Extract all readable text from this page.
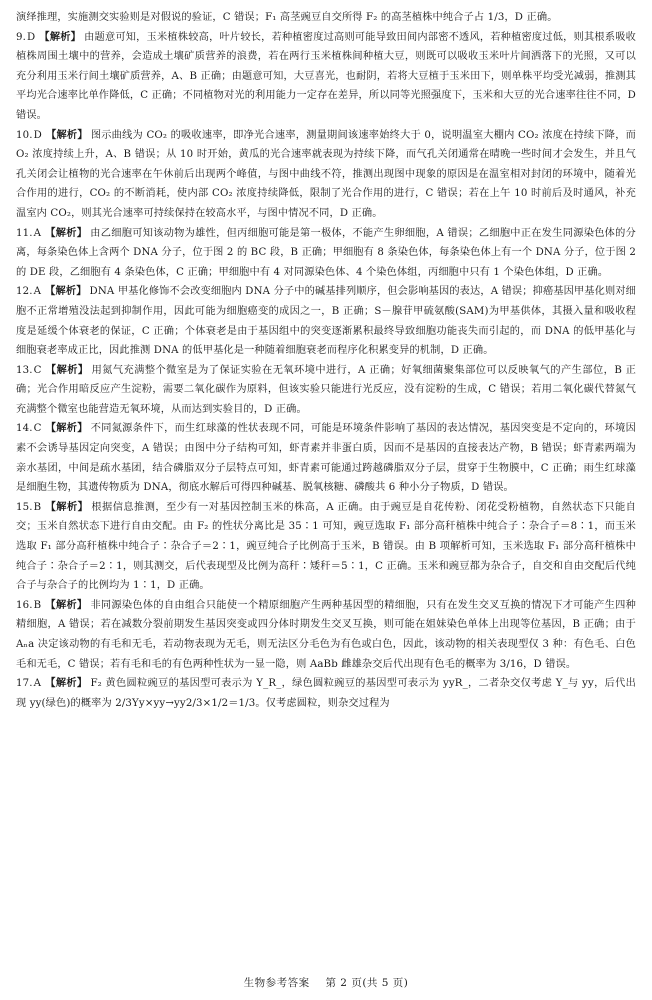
演绎推理，实施测交实验则是对假说的验证，C 错误；F₁ 高茎豌豆自交所得 F₂ 的高茎植株中纯合子占 1/3，D 正确。

9.D 【解析】 由题意可知，玉米植株较高，叶片较长，若种植密度过高则可能导致田间内部密不透风，若种植密度过低，则其根系吸收植株周围土壤中的营养，会造成土壤矿质营养的浪费，若在两行玉米植株间种植大豆，则既可以吸收玉米叶片间洒落下的光照，又可以充分利用玉米行间土壤矿质营养，A、B 正确；由题意可知，大豆喜光，也耐阴，若将大豆植于玉米田下，则单株平均受光减弱，推测其平均光合速率比单作降低，C 正确；不同植物对光的利用能力一定存在差异，所以同等光照强度下，玉米和大豆的光合速率往往不同，D 错误。

10.D 【解析】 图示曲线为 CO₂ 的吸收速率，即净光合速率，测量期间该速率始终大于 0，说明温室大棚内 CO₂ 浓度在持续下降，而 O₂ 浓度持续上升，A、B 错误；从 10 时开始，黄瓜的光合速率就表现为持续下降，而气孔关闭通常在晴晚一些时间才会发生，并且气孔关闭会让植物的光合速率在午休前后出现两个峰值，与图中曲线不符，推测出现图中现象的原因是在温室相对封闭的环境中，随着光合作用的进行，CO₂ 的不断消耗，使内部 CO₂ 浓度持续降低，限制了光合作用的进行，C 错误；若在上午 10 时前后及时通风，补充温室内 CO₂，则其光合速率可持续保持在较高水平，与图中情况不同，D 正确。

11.A 【解析】 由乙细胞可知该动物为雄性，但丙细胞可能是第一极体，不能产生卵细胞，A 错误；乙细胞中正在发生同源染色体的分离，每条染色体上含两个 DNA 分子，位于图 2 的 BC 段，B 正确；甲细胞有 8 条染色体，每条染色体上有一个 DNA 分子，位于图 2 的 DE 段，乙细胞有 4 条染色体，C 正确；甲细胞中有 4 对同源染色体、4 个染色体组，丙细胞中只有 1 个染色体组，D 正确。

12.A 【解析】 DNA 甲基化修饰不会改变细胞内 DNA 分子中的碱基排列顺序，但会影响基因的表达，A 错误；抑癌基因甲基化则对细胞不正常增殖没法起到抑制作用，因此可能为细胞癌变的成因之一，B 正确；S－腺苷甲硫氨酸(SAM)为甲基供体，其摄入量和吸收程度是延缓个体衰老的保证，C 正确；个体衰老是由于基因组中的突变逐渐累积最终导致细胞功能丧失而引起的，而 DNA 的低甲基化与细胞衰老率成正比，因此推测 DNA 的低甲基化是一种随着细胞衰老而程序化积累变异的机制，D 正确。

13.C 【解析】 用氮气充满整个微室是为了保证实验在无氧环境中进行，A 正确；好氧细菌聚集部位可以反映氧气的产生部位，B 正确；光合作用暗反应产生淀粉，需要二氧化碳作为原料，但该实验只能进行光反应，没有淀粉的生成，C 错误；若用二氧化碳代替氮气充满整个微室也能营造无氧环境，从而达到实验目的，D 正确。

14.C 【解析】 不同氮源条件下，而生红球藻的性状表现不同，可能是环境条件影响了基因的表达情况，基因突变是不定向的，环境因素不会诱导基因定向突变，A 错误；由图中分子结构可知，虾青素并非蛋白质，因而不是基因的直接表达产物，B 错误；虾青素两端为亲水基团，中间是疏水基团，结合磷脂双分子层特点可知，虾青素可能通过跨越磷脂双分子层，贯穿于生物膜中，C 正确；雨生红球藻是细胞生物，其遗传物质为 DNA，彻底水解后可得四种碱基、脱氧核糖、磷酸共 6 种小分子物质，D 错误。

15.B 【解析】 根据信息推测，至少有一对基因控制玉米的株高，A 正确。由于豌豆是自花传粉、闭花受粉植物，自然状态下只能自交；玉米自然状态下进行自由交配。由 F₂ 的性状分离比是 35∶1 可知，豌豆选取 F₁ 部分高秆植株中纯合子∶杂合子＝8∶1，而玉米选取 F₁ 部分高秆植株中纯合子∶杂合子＝2∶1，豌豆纯合子比例高于玉米，B 错误。由 B 项解析可知，玉米选取 F₁ 部分高秆植株中纯合子∶杂合子＝2∶1，则其测交，后代表现型及比例为高秆∶矮秆＝5∶1，C 正确。玉米和豌豆都为杂合子，自交和自由交配后代纯合子与杂合子的比例均为 1∶1，D 正确。

16.B 【解析】 非同源染色体的自由组合只能使一个精原细胞产生两种基因型的精细胞，只有在发生交叉互换的情况下才可能产生四种精细胞，A 错误；若在减数分裂前期发生基因突变或四分体时期发生交叉互换，则可能在姐妹染色单体上出现等位基因，B 正确；由于 Aₙa 决定该动物的有毛和无毛，若动物表现为无毛，则无法区分毛色为有色或白色，因此，该动物的相关表现型仅 3 种：有色毛、白色毛和无毛，C 错误；若有毛和毛的有色两种性状为一显一隐，则 AaBb 雌雄杂交后代出现有色毛的概率为 3/16，D 错误。

17.A 【解析】 F₂ 黄色圆粒豌豆的基因型可表示为 Y_R_，绿色圆粒豌豆的基因型可表示为 yyR_，二者杂交仅考虑 Y_与 yy，后代出现 yy(绿色)的概率为 2/3Yy×yy→yy2/3×1/2＝1/3。仅考虑圆粒，则杂交过程为

生物参考答案 第 2 页(共 5 页)
